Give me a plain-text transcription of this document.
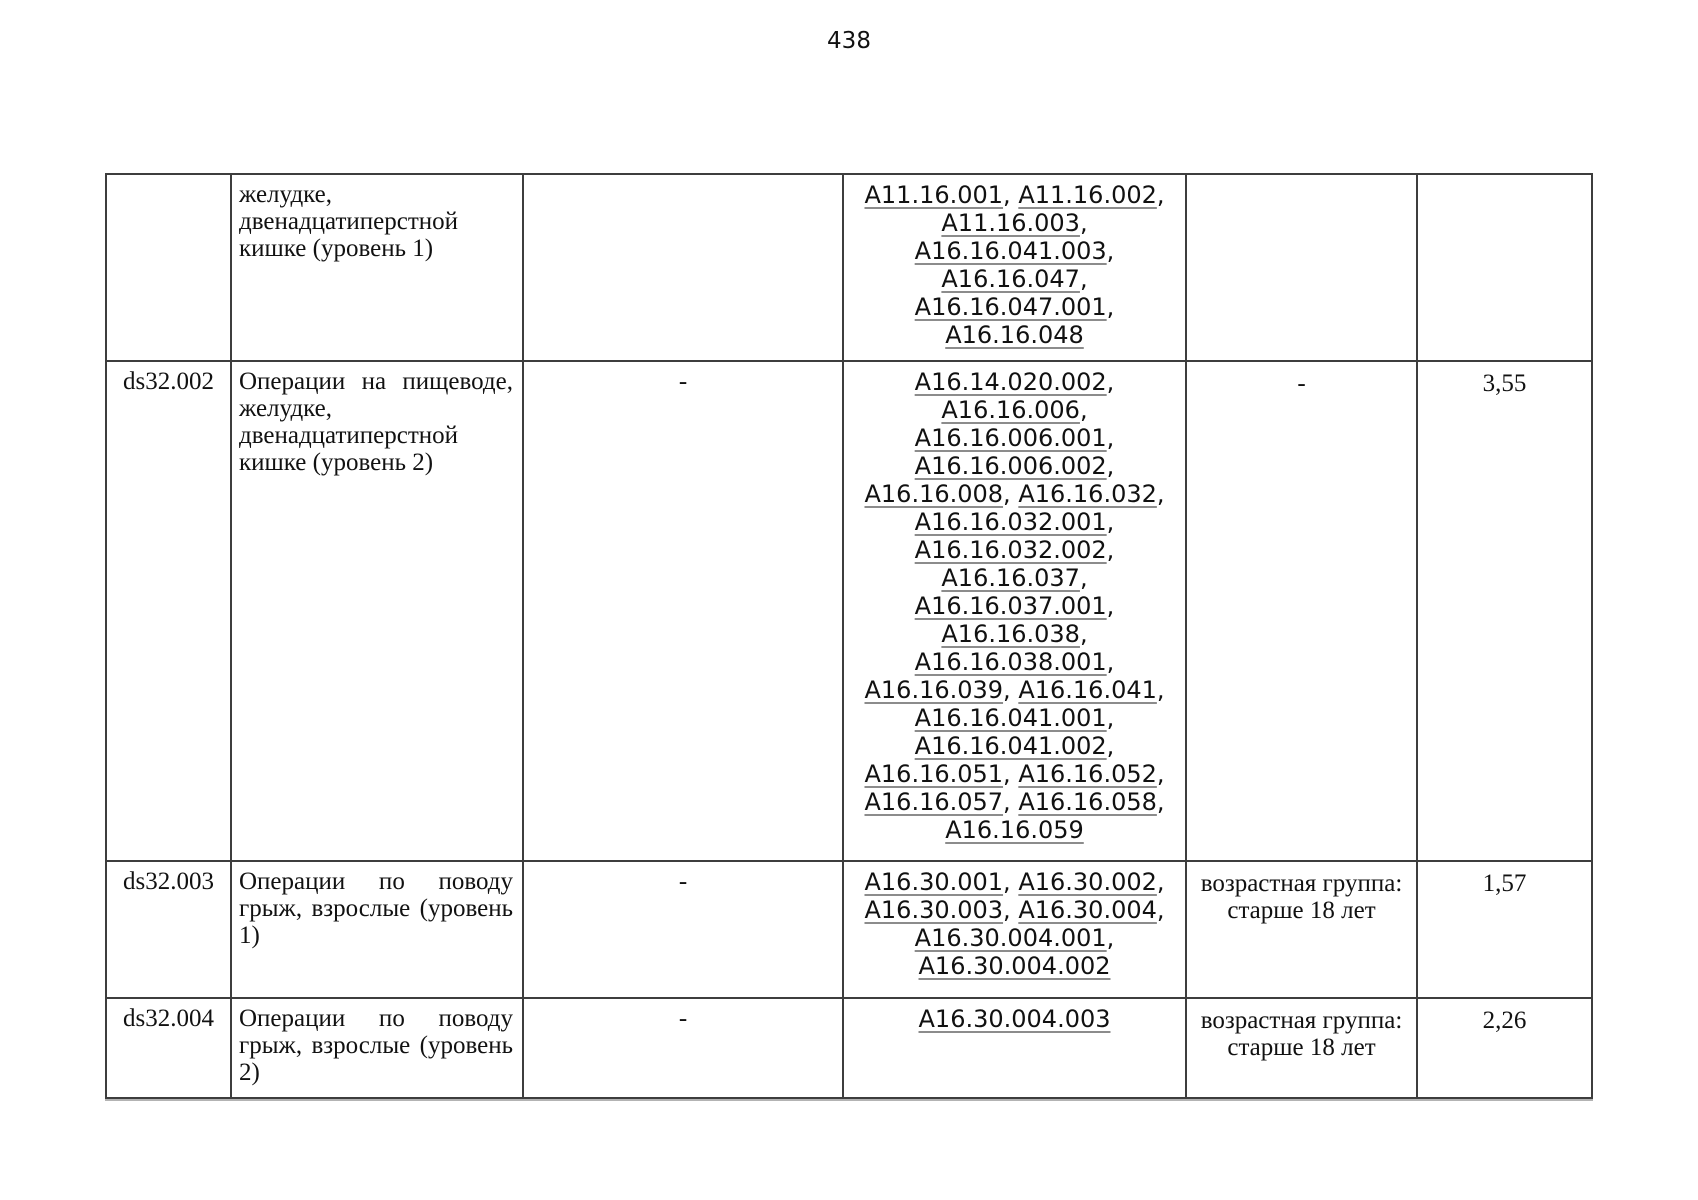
438
	желудке, двенадцатиперстной кишке (уровень 1)		A11.16.001, A11.16.002, A11.16.003, A16.16.041.003, A16.16.047, A16.16.047.001, A16.16.048		
ds32.002	Операции на пищеводе, желудке, двенадцатиперстной кишке (уровень 2)	-	A16.14.020.002, A16.16.006, A16.16.006.001, A16.16.006.002, A16.16.008, A16.16.032, A16.16.032.001, A16.16.032.002, A16.16.037, A16.16.037.001, A16.16.038, A16.16.038.001, A16.16.039, A16.16.041, A16.16.041.001, A16.16.041.002, A16.16.051, A16.16.052, A16.16.057, A16.16.058, A16.16.059	-	3,55
ds32.003	Операции по поводу грыж, взрослые (уровень 1)	-	A16.30.001, A16.30.002, A16.30.003, A16.30.004, A16.30.004.001, A16.30.004.002	возрастная группа: старше 18 лет	1,57
ds32.004	Операции по поводу грыж, взрослые (уровень 2)	-	A16.30.004.003	возрастная группа: старше 18 лет	2,26
